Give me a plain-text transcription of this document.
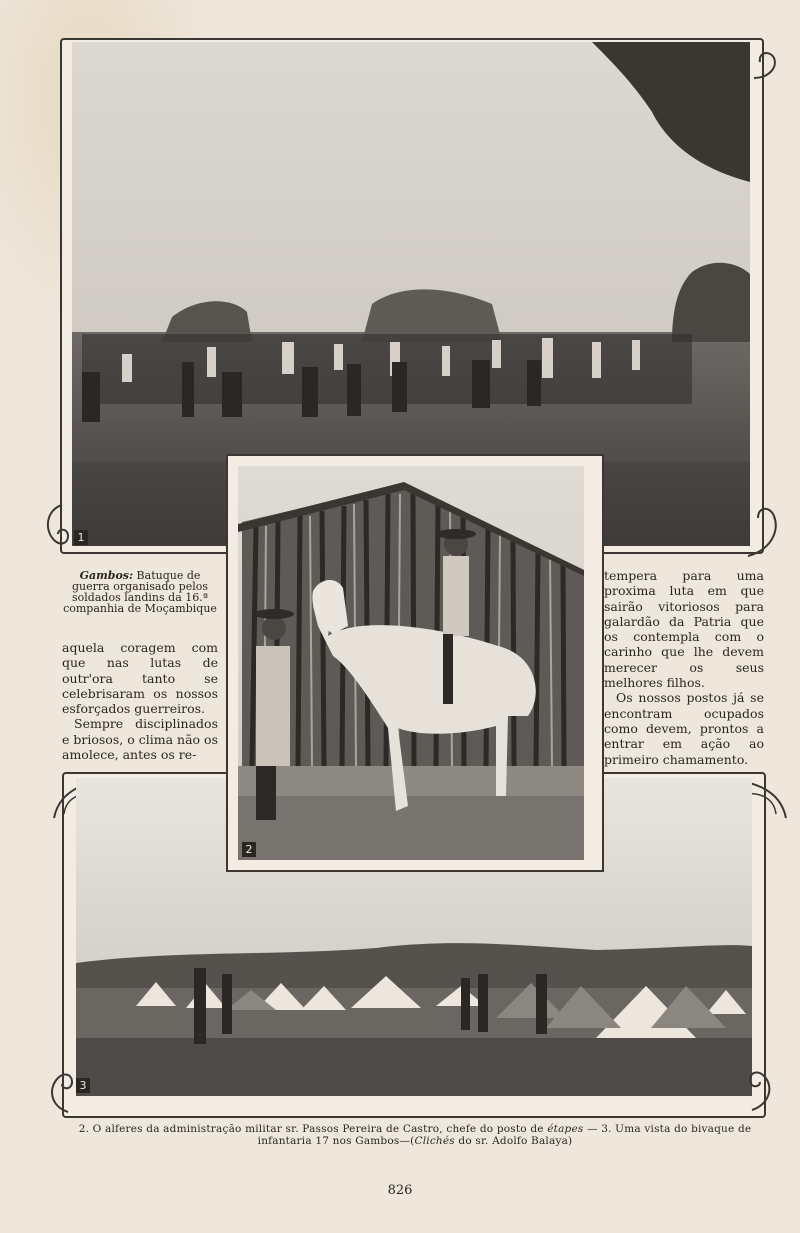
1
3
2

Gambos: Batuque de guerra organisado pelos soldados landins da 16.ª companhia de Moçambique

aquela coragem com que nas lutas de outr'ora tanto se celebrisaram os nossos esforçados guerreiros.

Sempre disciplinados e briosos, o clima não os amolece, antes os re-

tempera para uma proxima luta em que sairão vitoriosos para galardão da Patria que os contempla com o carinho que lhe devem merecer os seus melhores filhos.

Os nossos postos já se encontram ocupados como devem, prontos a entrar em ação ao primeiro chamamento.

2. O alferes da administração militar sr. Passos Pereira de Castro, chefe do posto de étapes — 3. Uma vista do bivaque de infantaria 17 nos Gambos—(Clichés do sr. Adolfo Balaya)
826
